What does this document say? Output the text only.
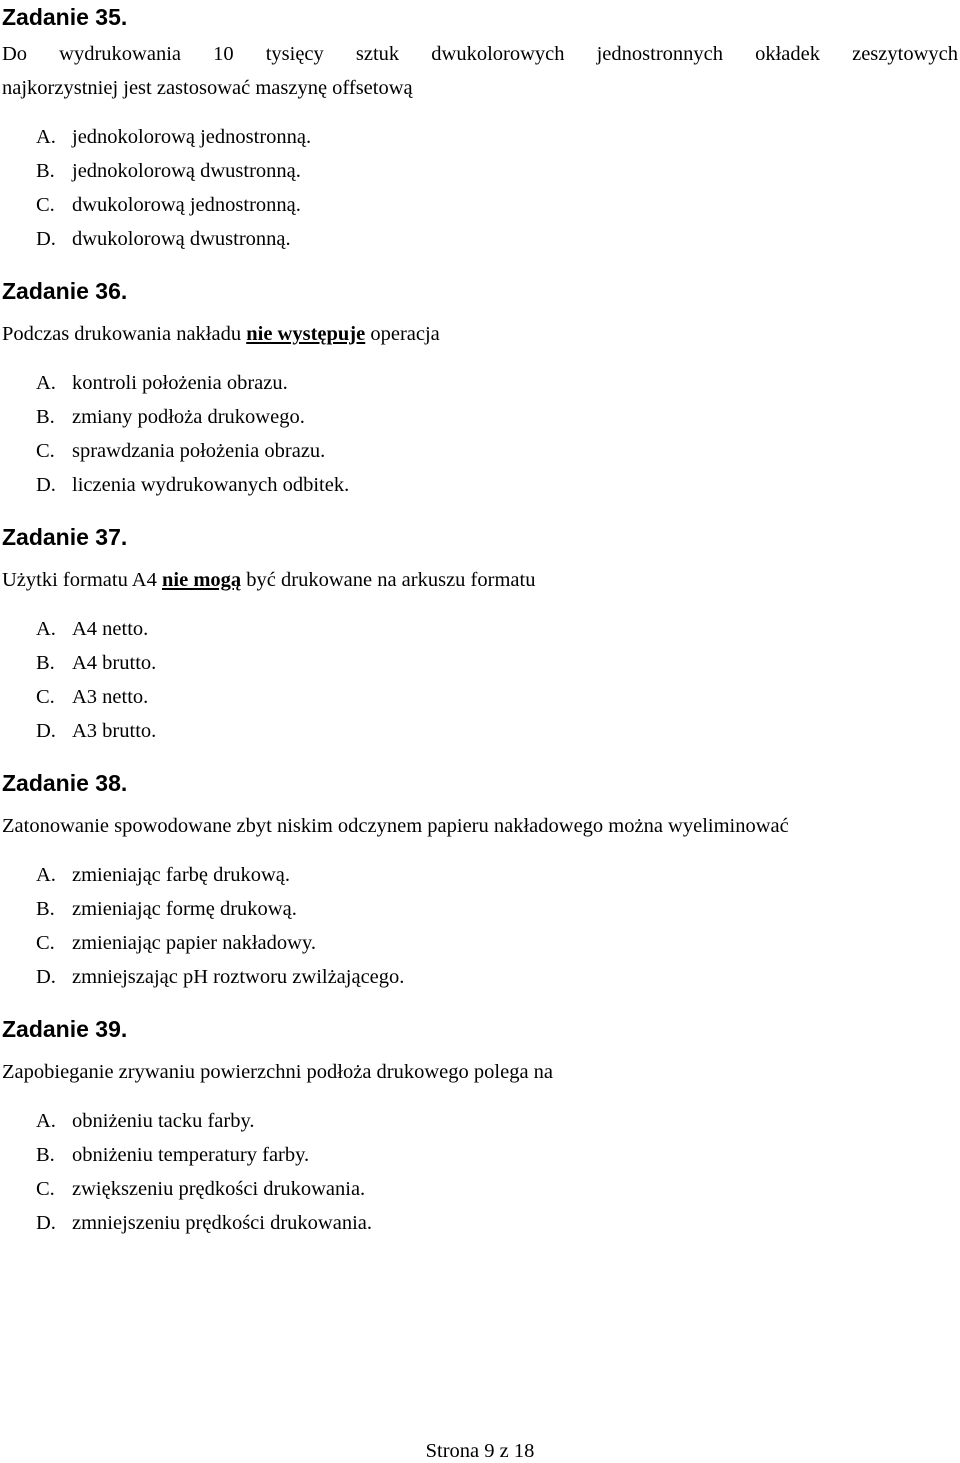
Zadanie 35.
Do wydrukowania 10 tysięcy sztuk dwukolorowych jednostronnych okładek zeszytowych
najkorzystniej jest zastosować maszynę offsetową
A. jednokolorową jednostronną.
B. jednokolorową dwustronną.
C. dwukolorową jednostronną.
D. dwukolorową dwustronną.
Zadanie 36.
Podczas drukowania nakładu nie występuje operacja
A. kontroli położenia obrazu.
B. zmiany podłoża drukowego.
C. sprawdzania położenia obrazu.
D. liczenia wydrukowanych odbitek.
Zadanie 37.
Użytki formatu A4 nie mogą być drukowane na arkuszu formatu
A. A4 netto.
B. A4 brutto.
C. A3 netto.
D. A3 brutto.
Zadanie 38.
Zatonowanie spowodowane zbyt niskim odczynem papieru nakładowego można wyeliminować
A. zmieniając farbę drukową.
B. zmieniając formę drukową.
C. zmieniając papier nakładowy.
D. zmniejszając pH roztworu zwilżającego.
Zadanie 39.
Zapobieganie zrywaniu powierzchni podłoża drukowego polega na
A. obniżeniu tacku farby.
B. obniżeniu temperatury farby.
C. zwiększeniu prędkości drukowania.
D. zmniejszeniu prędkości drukowania.
Strona 9 z 18
